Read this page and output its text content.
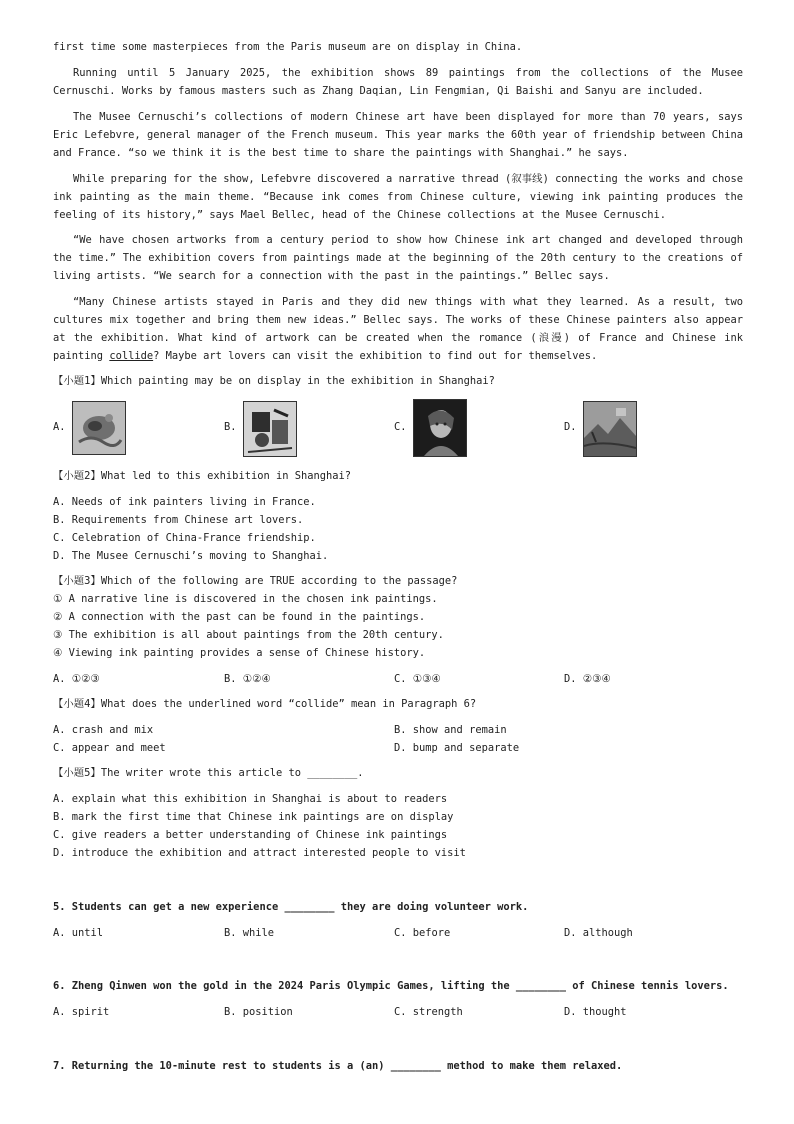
first time some masterpieces from the Paris museum are on display in China.

Running until 5 January 2025, the exhibition shows 89 paintings from the collections of the Musee Cernuschi. Works by famous masters such as Zhang Daqian, Lin Fengmian, Qi Baishi and Sanyu are included.

The Musee Cernuschi’s collections of modern Chinese art have been displayed for more than 70 years, says Eric Lefebvre, general manager of the French museum. This year marks the 60th year of friendship between China and France. “so we think it is the best time to share the paintings with Shanghai.” he says.

While preparing for the show, Lefebvre discovered a narrative thread (叙事线) connecting the works and chose ink painting as the main theme. “Because ink comes from Chinese culture, viewing ink painting produces the feeling of its history,” says Mael Bellec, head of the Chinese collections at the Musee Cernuschi.

“We have chosen artworks from a century period to show how Chinese ink art changed and developed through the time.” The exhibition covers from paintings made at the beginning of the 20th century to the creations of living artists. “We search for a connection with the past in the paintings.” Bellec says.

“Many Chinese artists stayed in Paris and they did new things with what they learned. As a result, two cultures mix together and bring them new ideas.” Bellec says. The works of these Chinese painters also appear at the exhibition. What kind of artwork can be created when the romance (浪漫) of France and Chinese ink painting collide? Maybe art lovers can visit the exhibition to find out for themselves.

【小题1】Which painting may be on display in the exhibition in Shanghai?
A.	B.	C.	D.
【小题2】What led to this exhibition in Shanghai?
A. Needs of ink painters living in France.
B. Requirements from Chinese art lovers.
C. Celebration of China-France friendship.
D. The Musee Cernuschi’s moving to Shanghai.
【小题3】Which of the following are TRUE according to the passage?
① A narrative line is discovered in the chosen ink paintings.
② A connection with the past can be found in the paintings.
③ The exhibition is all about paintings from the 20th century.
④ Viewing ink painting provides a sense of Chinese history.
A. ①②③	B. ①②④	C. ①③④	D. ②③④
【小题4】What does the underlined word “collide” mean in Paragraph 6?
A. crash and mix	B. show and remain
C. appear and meet	D. bump and separate
【小题5】The writer wrote this article to ________.
A. explain what this exhibition in Shanghai is about to readers
B. mark the first time that Chinese ink paintings are on display
C. give readers a better understanding of Chinese ink paintings
D. introduce the exhibition and attract interested people to visit
5. Students can get a new experience ________ they are doing volunteer work.
A. until	B. while	C. before	D. although
6. Zheng Qinwen won the gold in the 2024 Paris Olympic Games, lifting the ________ of Chinese tennis lovers.
A. spirit	B. position	C. strength	D. thought
7. Returning the 10-minute rest to students is a (an) ________ method to make them relaxed.
